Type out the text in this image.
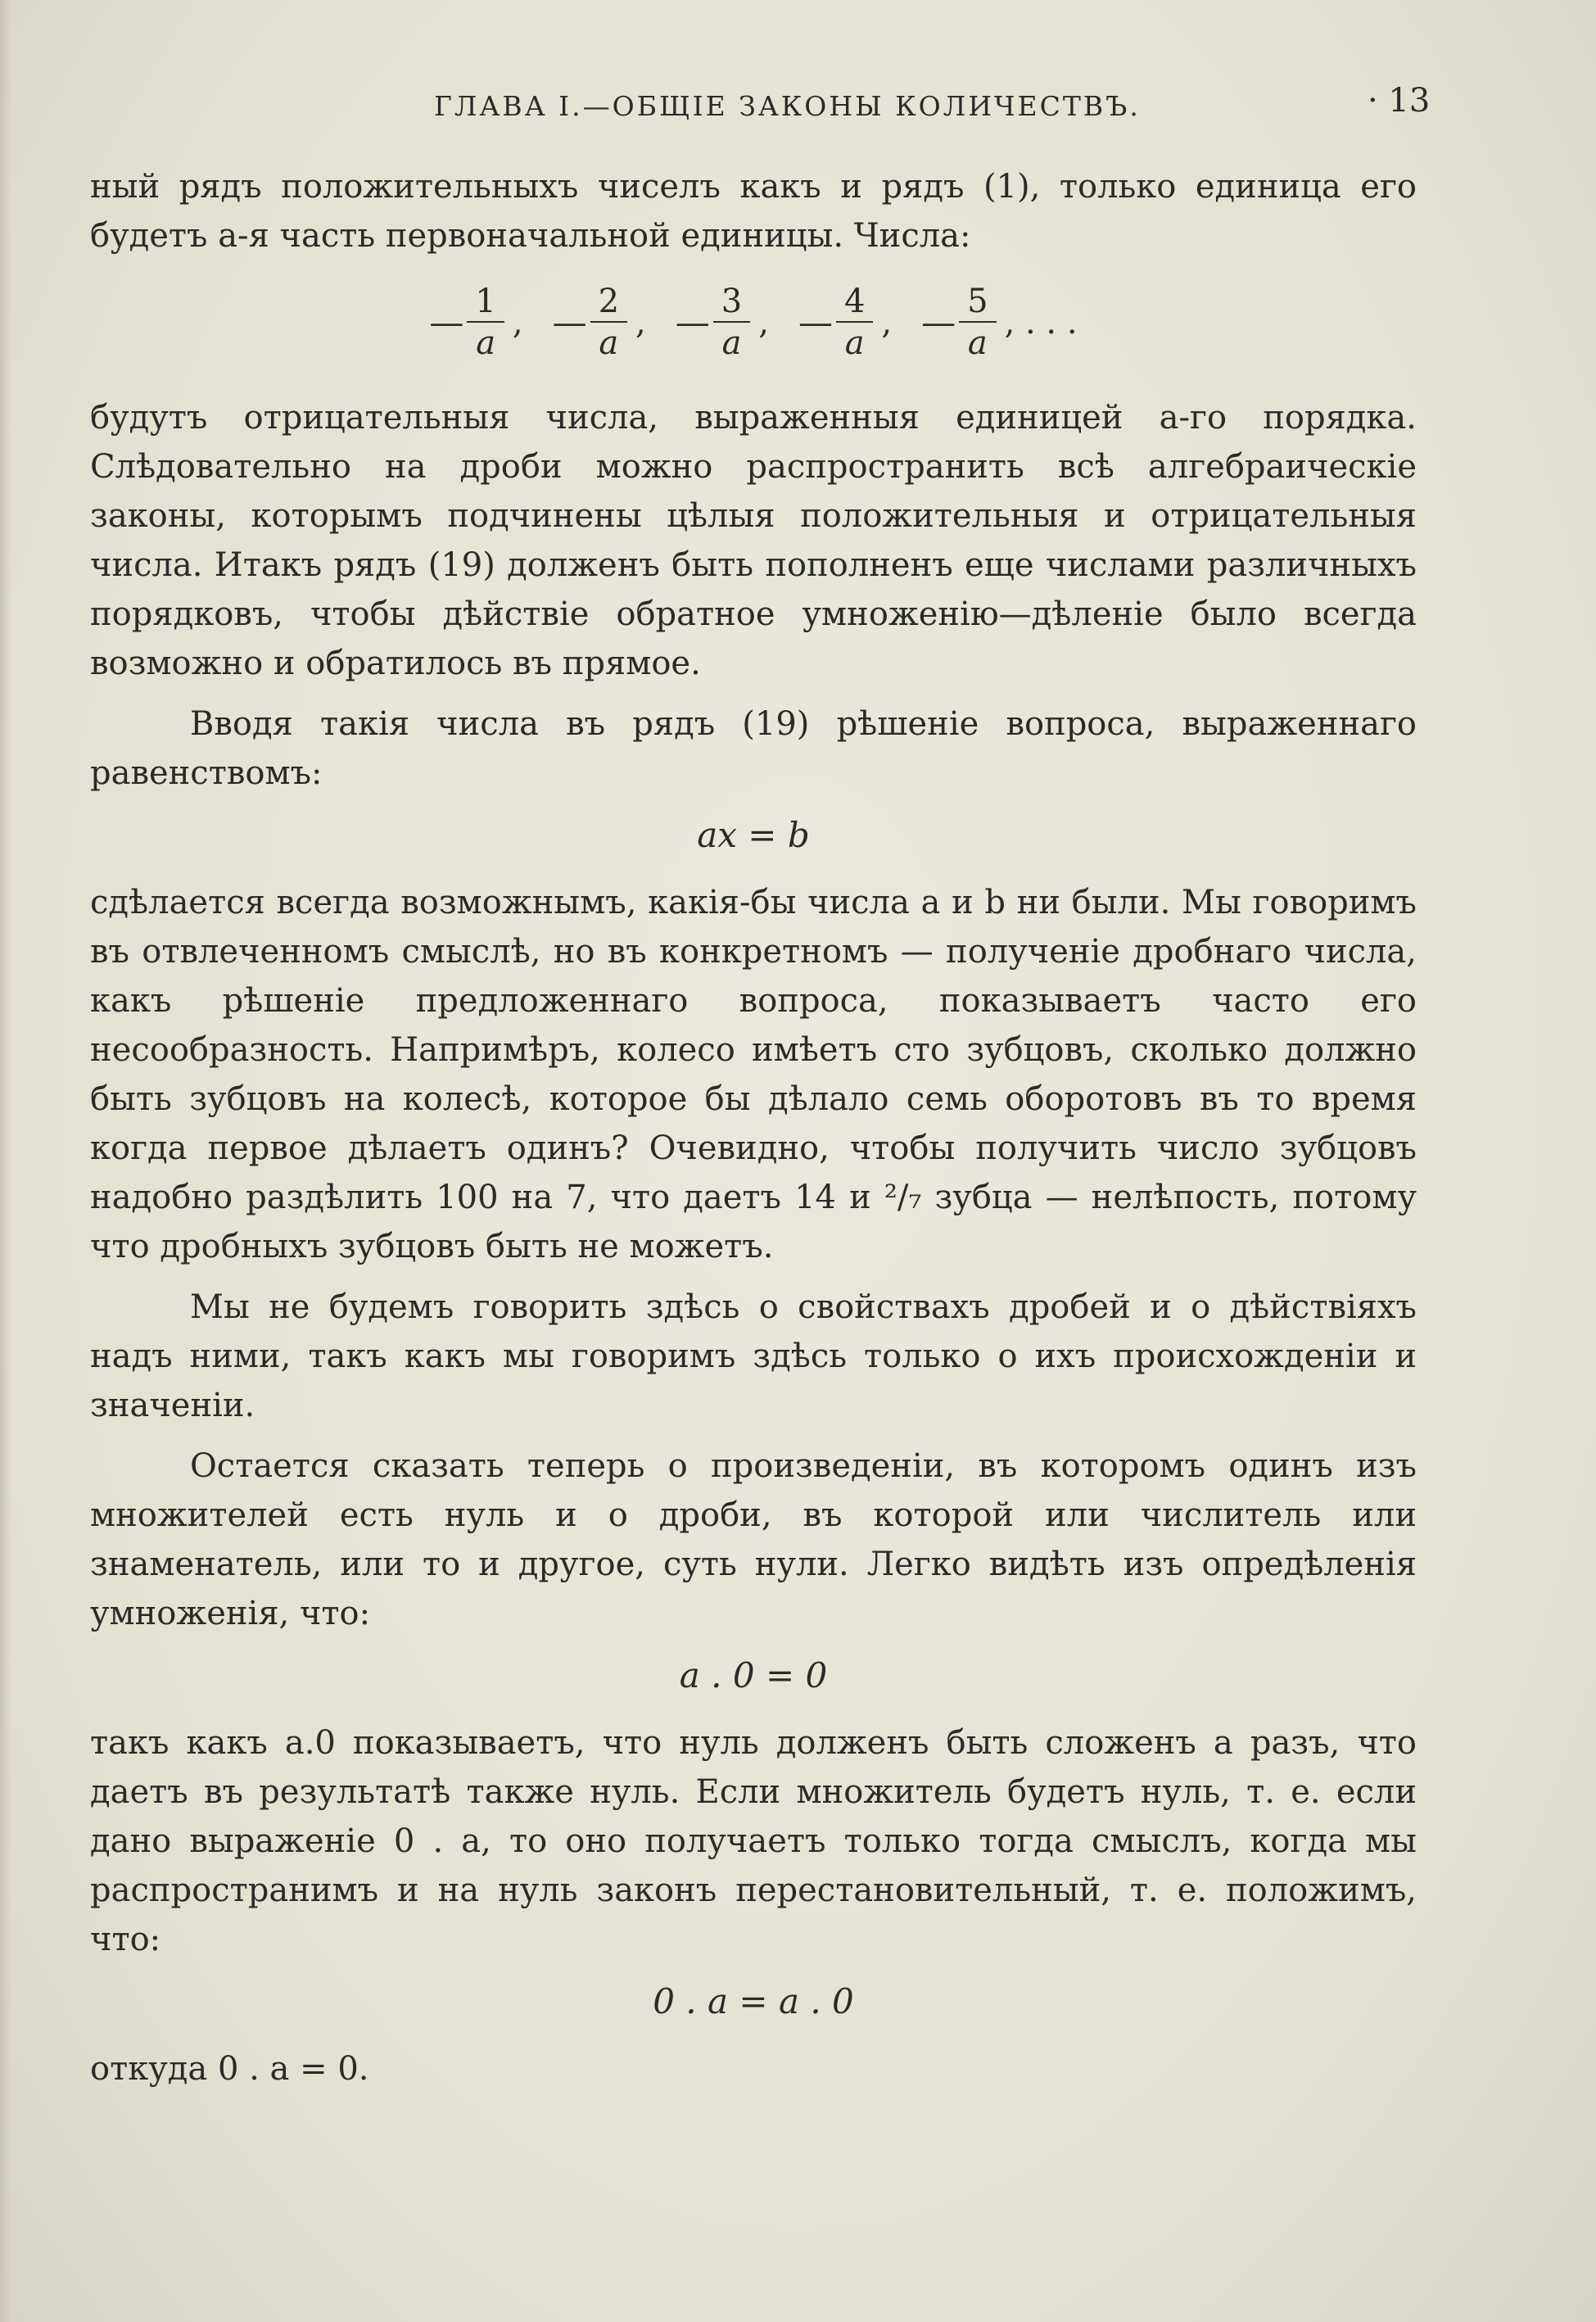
ГЛАВА I.—ОБЩІЕ ЗАКОНЫ КОЛИЧЕСТВЪ.	· 13

ный рядъ положительныхъ чиселъ какъ и рядъ (1), только единица его будетъ а-я часть первоначальной единицы. Числа:

— $\frac{1}{a}$ , — $\frac{2}{a}$ , — $\frac{3}{a}$ , — $\frac{4}{a}$ , — $\frac{5}{a}$ , . . .

будутъ отрицательныя числа, выраженныя единицей а-го порядка. Слѣдовательно на дроби можно распространить всѣ алгебраическіе законы, которымъ подчинены цѣлыя положительныя и отрицательныя числа. Итакъ рядъ (19) долженъ быть пополненъ еще числами различныхъ порядковъ, чтобы дѣйствіе обратное умноженію—дѣленіе было всегда возможно и обратилось въ прямое.

Вводя такія числа въ рядъ (19) рѣшеніе вопроса, выраженнаго равенствомъ:

ax = b

сдѣлается всегда возможнымъ, какія-бы числа a и b ни были. Мы говоримъ въ отвлеченномъ смыслѣ, но въ конкретномъ — полученіе дробнаго числа, какъ рѣшеніе предложеннаго вопроса, показываетъ часто его несообразность. Напримѣръ, колесо имѣетъ сто зубцовъ, сколько должно быть зубцовъ на колесѣ, которое бы дѣлало семь оборотовъ въ то время когда первое дѣлаетъ одинъ? Очевидно, чтобы получить число зубцовъ надобно раздѣлить 100 на 7, что даетъ 14 и ²/₇ зубца — нелѣпость, потому что дробныхъ зубцовъ быть не можетъ.

Мы не будемъ говорить здѣсь о свойствахъ дробей и о дѣйствіяхъ надъ ними, такъ какъ мы говоримъ здѣсь только о ихъ происхожденіи и значеніи.

Остается сказать теперь о произведеніи, въ которомъ одинъ изъ множителей есть нуль и о дроби, въ которой или числитель или знаменатель, или то и другое, суть нули. Легко видѣть изъ опредѣленія умноженія, что:

a . 0 = 0

такъ какъ a.0 показываетъ, что нуль долженъ быть сложенъ a разъ, что даетъ въ результатѣ также нуль. Если множитель будетъ нуль, т. е. если дано выраженіе 0 . a, то оно получаетъ только тогда смыслъ, когда мы распространимъ и на нуль законъ перестановительный, т. е. положимъ, что:

0 . a = a . 0
откуда 0 . a = 0.
